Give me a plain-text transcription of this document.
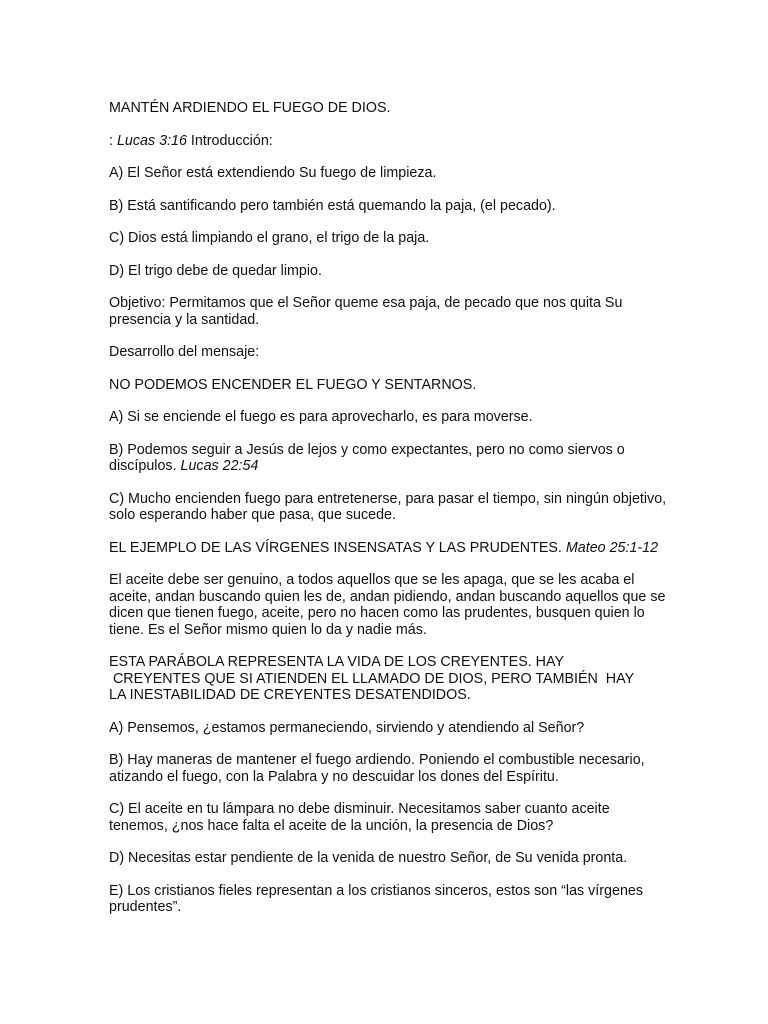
MANTÉN ARDIENDO EL FUEGO DE DIOS.

: Lucas 3:16 Introducción:

A) El Señor está extendiendo Su fuego de limpieza.

B) Está santificando pero también está quemando la paja, (el pecado).

C) Dios está limpiando el grano, el trigo de la paja.

D) El trigo debe de quedar limpio.

Objetivo: Permitamos que el Señor queme esa paja, de pecado que nos quita Su presencia y la santidad.

Desarrollo del mensaje:

NO PODEMOS ENCENDER EL FUEGO Y SENTARNOS.

A) Si se enciende el fuego es para aprovecharlo, es para moverse.

B) Podemos seguir a Jesús de lejos y como expectantes, pero no como siervos o discípulos. Lucas 22:54

C) Mucho encienden fuego para entretenerse, para pasar el tiempo, sin ningún objetivo, solo esperando haber que pasa, que sucede.

EL EJEMPLO DE LAS VÍRGENES INSENSATAS Y LAS PRUDENTES. Mateo 25:1-12

El aceite debe ser genuino, a todos aquellos que se les apaga, que se les acaba el aceite, andan buscando quien les de, andan pidiendo, andan buscando aquellos que se dicen que tienen fuego, aceite, pero no hacen como las prudentes, busquen quien lo tiene. Es el Señor mismo quien lo da y nadie más.

ESTA PARÁBOLA REPRESENTA LA VIDA DE LOS CREYENTES. HAY
CREYENTES QUE SI ATIENDEN EL LLAMADO DE DIOS, PERO TAMBIÉN  HAY
LA INESTABILIDAD DE CREYENTES DESATENDIDOS.

A) Pensemos, ¿estamos permaneciendo, sirviendo y atendiendo al Señor?

B) Hay maneras de mantener el fuego ardiendo. Poniendo el combustible necesario, atizando el fuego, con la Palabra y no descuidar los dones del Espíritu.

C) El aceite en tu lámpara no debe disminuir. Necesitamos saber cuanto aceite tenemos, ¿nos hace falta el aceite de la unción, la presencia de Dios?

D) Necesitas estar pendiente de la venida de nuestro Señor, de Su venida pronta.

E) Los cristianos fieles representan a los cristianos sinceros, estos son “las vírgenes prudentes”.
